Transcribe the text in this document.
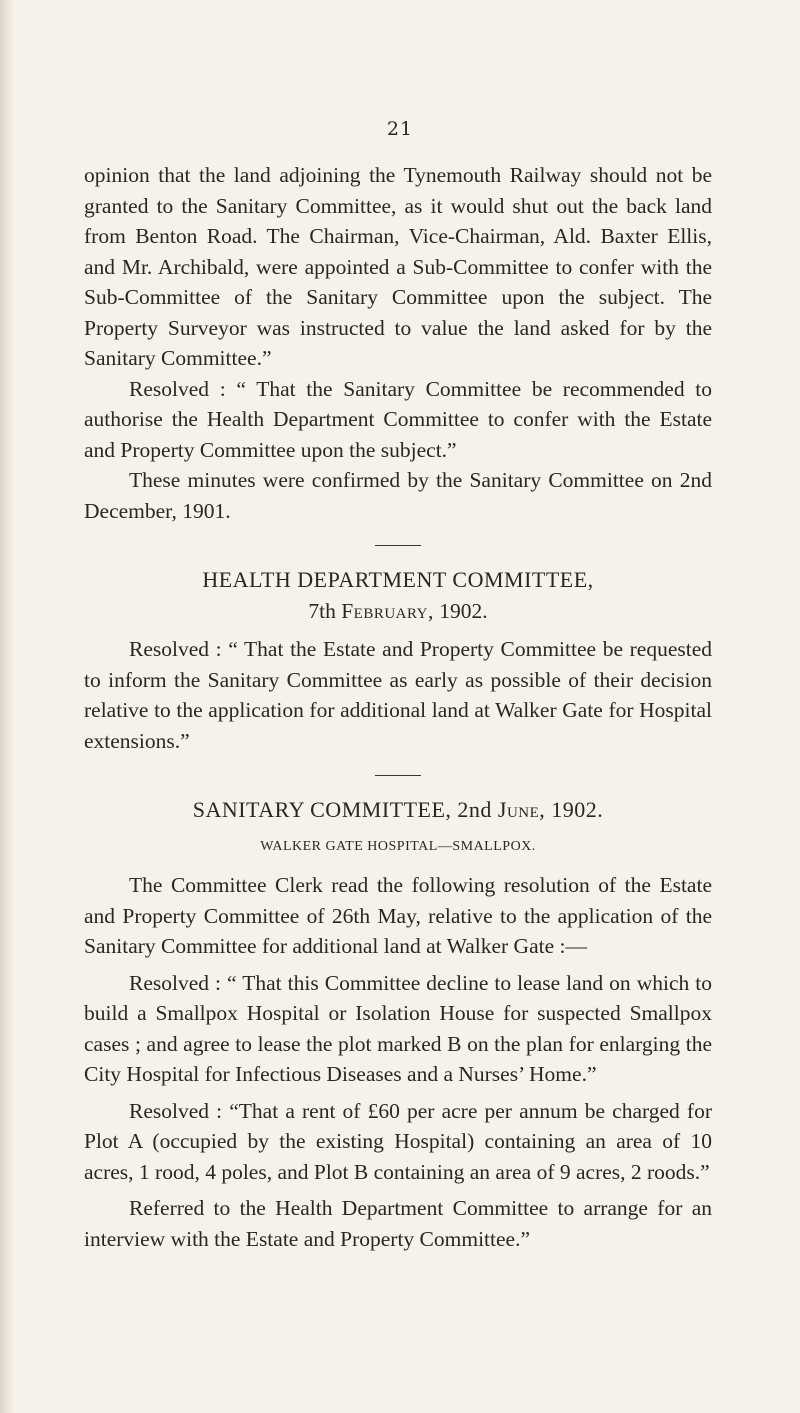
21

opinion that the land adjoining the Tynemouth Railway should not be granted to the Sanitary Committee, as it would shut out the back land from Benton Road. The Chairman, Vice-Chairman, Ald. Baxter Ellis, and Mr. Archibald, were appointed a Sub-Committee to confer with the Sub-Committee of the Sanitary Committee upon the subject. The Property Surveyor was instructed to value the land asked for by the Sanitary Committee.”

Resolved : “ That the Sanitary Committee be recommended to authorise the Health Department Committee to confer with the Estate and Property Committee upon the subject.”

These minutes were confirmed by the Sanitary Committee on 2nd December, 1901.

HEALTH DEPARTMENT COMMITTEE,

7th February, 1902.

Resolved : “ That the Estate and Property Committee be requested to inform the Sanitary Committee as early as possible of their decision relative to the application for additional land at Walker Gate for Hospital extensions.”

SANITARY COMMITTEE, 2nd June, 1902.

WALKER GATE HOSPITAL—SMALLPOX.

The Committee Clerk read the following resolution of the Estate and Property Committee of 26th May, relative to the application of the Sanitary Committee for additional land at Walker Gate :—

Resolved : “ That this Committee decline to lease land on which to build a Smallpox Hospital or Isolation House for suspected Smallpox cases ; and agree to lease the plot marked B on the plan for enlarging the City Hospital for Infectious Diseases and a Nurses’ Home.”

Resolved : “That a rent of £60 per acre per annum be charged for Plot A (occupied by the existing Hospital) containing an area of 10 acres, 1 rood, 4 poles, and Plot B containing an area of 9 acres, 2 roods.”

Referred to the Health Department Committee to arrange for an interview with the Estate and Property Committee.”
